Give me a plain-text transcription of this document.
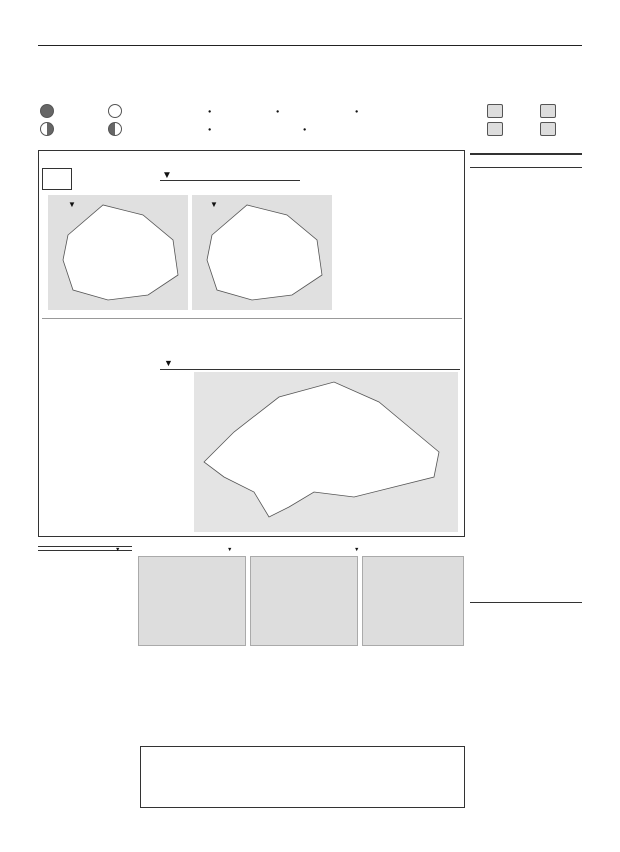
●	●	●
●	●
▼

▼	▼
▼
▼	▼	▼
